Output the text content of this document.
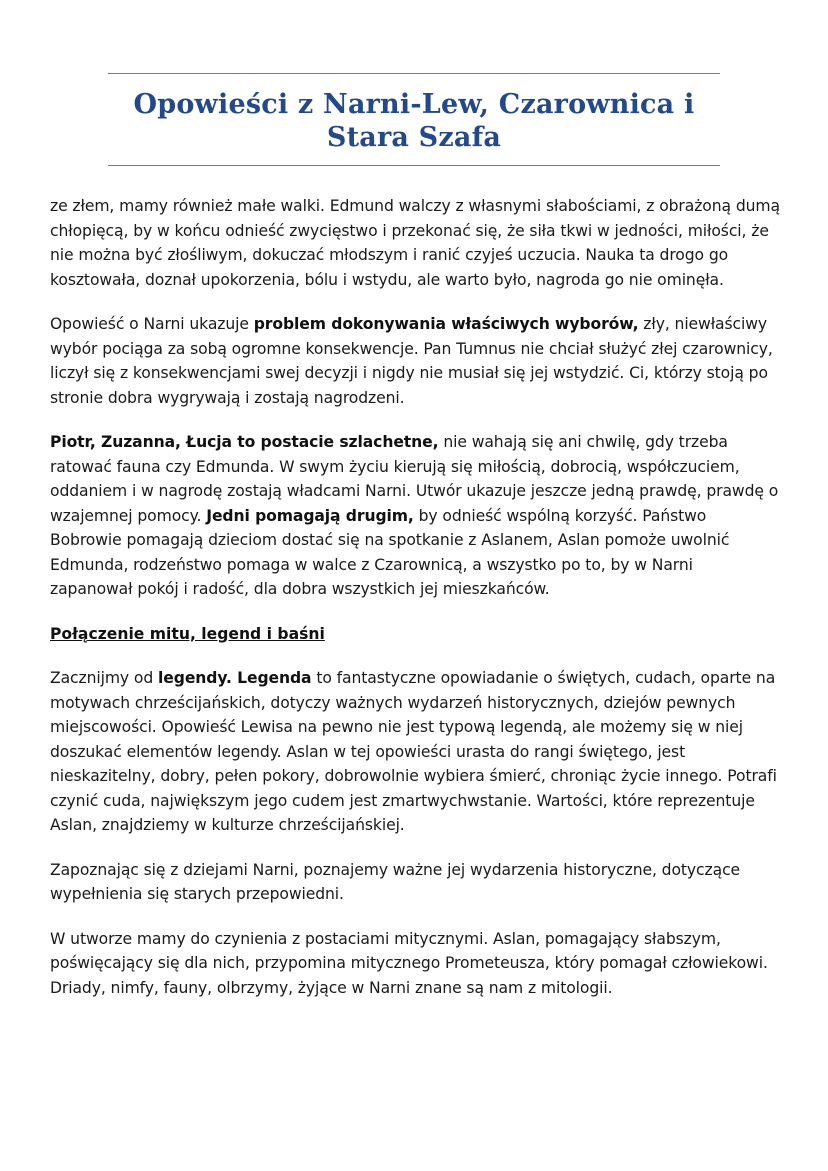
Opowieści z Narni-Lew, Czarownica i Stara Szafa

ze złem, mamy również małe walki. Edmund walczy z własnymi słabościami, z obrażoną dumą chłopięcą, by w końcu odnieść zwycięstwo i przekonać się, że siła tkwi w jedności, miłości, że nie można być złośliwym, dokuczać młodszym i ranić czyjeś uczucia. Nauka ta drogo go kosztowała, doznał upokorzenia, bólu i wstydu, ale warto było, nagroda go nie ominęła.

Opowieść o Narni ukazuje problem dokonywania właściwych wyborów, zły, niewłaściwy wybór pociąga za sobą ogromne konsekwencje. Pan Tumnus nie chciał służyć złej czarownicy, liczył się z konsekwencjami swej decyzji i nigdy nie musiał się jej wstydzić. Ci, którzy stoją po stronie dobra wygrywają i zostają nagrodzeni.

Piotr, Zuzanna, Łucja to postacie szlachetne, nie wahają się ani chwilę, gdy trzeba ratować fauna czy Edmunda. W swym życiu kierują się miłością, dobrocią, współczuciem, oddaniem i w nagrodę zostają władcami Narni. Utwór ukazuje jeszcze jedną prawdę, prawdę o wzajemnej pomocy. Jedni pomagają drugim, by odnieść wspólną korzyść. Państwo Bobrowie pomagają dzieciom dostać się na spotkanie z Aslanem, Aslan pomoże uwolnić Edmunda, rodzeństwo pomaga w walce z Czarownicą, a wszystko po to, by w Narni zapanował pokój i radość, dla dobra wszystkich jej mieszkańców.

Połączenie mitu, legend i baśni

Zacznijmy od legendy. Legenda to fantastyczne opowiadanie o świętych, cudach, oparte na motywach chrześcijańskich, dotyczy ważnych wydarzeń historycznych, dziejów pewnych miejscowości. Opowieść Lewisa na pewno nie jest typową legendą, ale możemy się w niej doszukać elementów legendy. Aslan w tej opowieści urasta do rangi świętego, jest nieskazitelny, dobry, pełen pokory, dobrowolnie wybiera śmierć, chroniąc życie innego. Potrafi czynić cuda, największym jego cudem jest zmartwychwstanie. Wartości, które reprezentuje Aslan, znajdziemy w kulturze chrześcijańskiej.

Zapoznając się z dziejami Narni, poznajemy ważne jej wydarzenia historyczne, dotyczące wypełnienia się starych przepowiedni.

W utworze mamy do czynienia z postaciami mitycznymi. Aslan, pomagający słabszym, poświęcający się dla nich, przypomina mitycznego Prometeusza, który pomagał człowiekowi. Driady, nimfy, fauny, olbrzymy, żyjące w Narni znane są nam z mitologii.
